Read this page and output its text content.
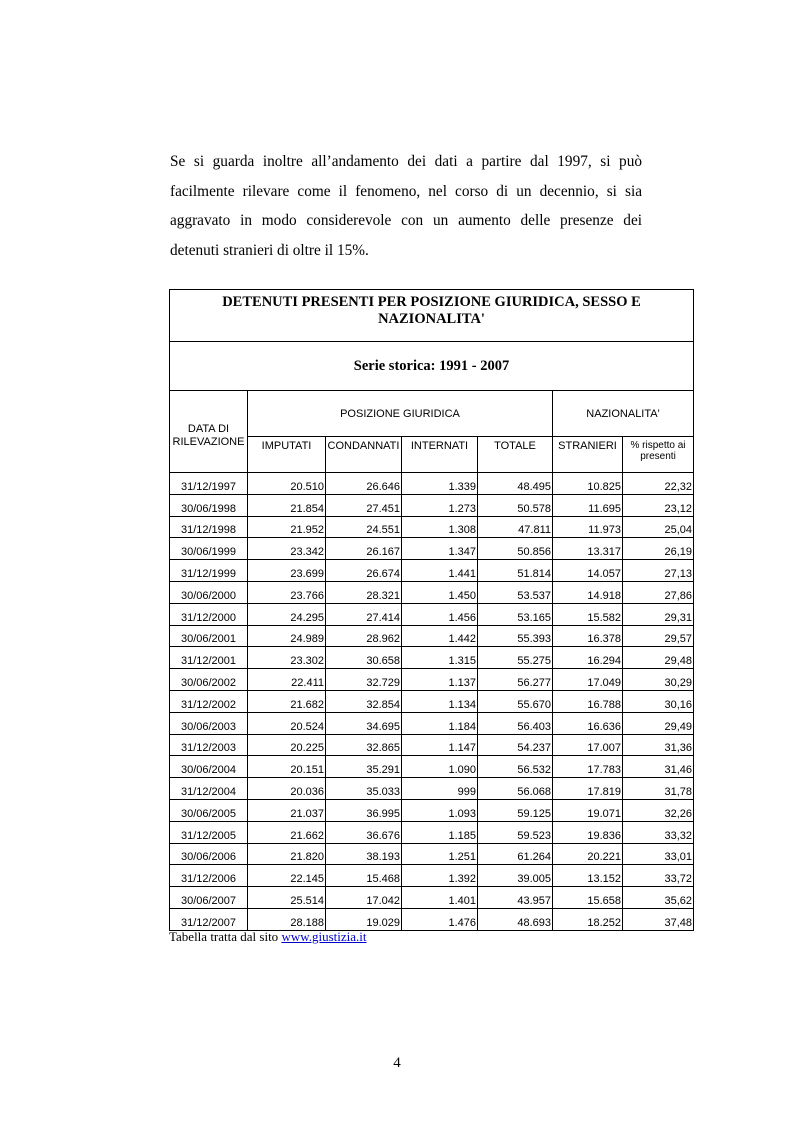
Se si guarda inoltre all’andamento dei dati a partire dal 1997, si può
facilmente rilevare come il fenomeno, nel corso di un decennio, si sia
aggravato in modo considerevole con un aumento delle presenze dei
detenuti stranieri di oltre il 15%.
DETENUTI PRESENTI PER POSIZIONE GIURIDICA, SESSO E NAZIONALITA'						
Serie storica: 1991 - 2007						
DATA DI RILEVAZIONE	POSIZIONE GIURIDICA				NAZIONALITA'	
	IMPUTATI	CONDANNATI	INTERNATI	TOTALE	STRANIERI	% rispetto ai presenti
31/12/1997	20.510	26.646	1.339	48.495	10.825	22,32
30/06/1998	21.854	27.451	1.273	50.578	11.695	23,12
31/12/1998	21.952	24.551	1.308	47.811	11.973	25,04
30/06/1999	23.342	26.167	1.347	50.856	13.317	26,19
31/12/1999	23.699	26.674	1.441	51.814	14.057	27,13
30/06/2000	23.766	28.321	1.450	53.537	14.918	27,86
31/12/2000	24.295	27.414	1.456	53.165	15.582	29,31
30/06/2001	24.989	28.962	1.442	55.393	16.378	29,57
31/12/2001	23.302	30.658	1.315	55.275	16.294	29,48
30/06/2002	22.411	32.729	1.137	56.277	17.049	30,29
31/12/2002	21.682	32.854	1.134	55.670	16.788	30,16
30/06/2003	20.524	34.695	1.184	56.403	16.636	29,49
31/12/2003	20.225	32.865	1.147	54.237	17.007	31,36
30/06/2004	20.151	35.291	1.090	56.532	17.783	31,46
31/12/2004	20.036	35.033	999	56.068	17.819	31,78
30/06/2005	21.037	36.995	1.093	59.125	19.071	32,26
31/12/2005	21.662	36.676	1.185	59.523	19.836	33,32
30/06/2006	21.820	38.193	1.251	61.264	20.221	33,01
31/12/2006	22.145	15.468	1.392	39.005	13.152	33,72
30/06/2007	25.514	17.042	1.401	43.957	15.658	35,62
31/12/2007	28.188	19.029	1.476	48.693	18.252	37,48
Tabella tratta dal sito www.giustizia.it
4
